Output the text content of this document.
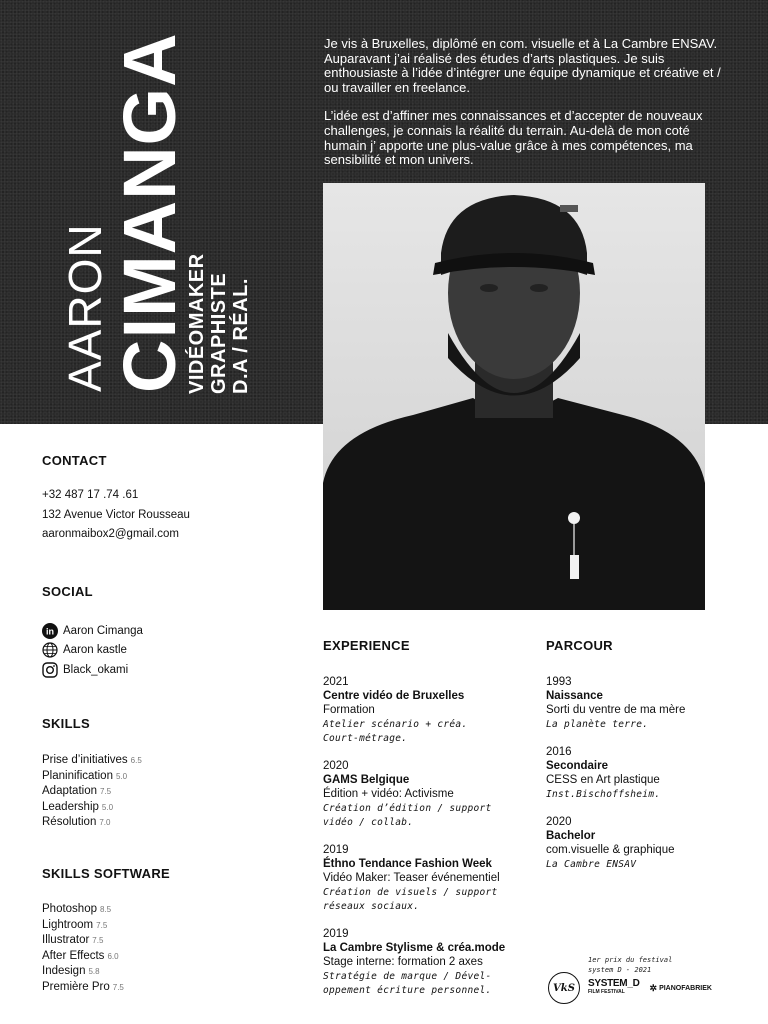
AARON
CIMANGA
VIDÉOMAKER GRAPHISTE D.A / RÉAL.

Je vis à Bruxelles, diplômé en com. visuelle et à La Cambre ENSAV. Auparavant j’ai réalisé des études d’arts plastiques. Je suis enthousiaste à l’idée d’intégrer une équipe dynamique et créative et / ou travailler en freelance.

L’idée est d’affiner mes connaissances et d’accepter de nouveaux challenges, je connais la réalité du terrain. Au-delà de mon coté humain j’ apporte une plus-value grâce à mes compétences, ma sensibilité et mon univers.

CONTACT
+32 487 17 .74 .61
132 Avenue Victor Rousseau
aaronmaibox2@gmail.com
SOCIAL
in Aaron Cimanga
Aaron kastle
Black_okami
SKILLS
Prise d’initiatives 6.5
Planinification 5.0
Adaptation 7.5
Leadership 5.0
Résolution 7.0
SKILLS SOFTWARE
Photoshop 8.5
Lightroom 7.5
Illustrator 7.5
After Effects 6.0
Indesign 5.8
Première Pro 7.5
EXPERIENCE
2021
Centre vidéo de Bruxelles
Formation
Atelier scénario + créa.
Court-métrage.
2020
GAMS Belgique
Édition + vidéo: Activisme
Création d’édition / support
vidéo / collab.
2019
Éthno Tendance Fashion Week
Vidéo Maker: Teaser événementiel
Création de visuels / support
réseaux sociaux.
2019
La Cambre Stylisme & créa.mode
Stage interne: formation 2 axes
Stratégie de marque / Dével-
oppement écriture personnel.
PARCOUR
1993
Naissance
Sorti du ventre de ma mère
La planète terre.
2016
Secondaire
CESS en Art plastique
Inst.Bischoffsheim.
2020
Bachelor
com.visuelle & graphique
La Cambre ENSAV
1er prix du festival
system D - 2021
VkS SYSTEM_D
FILM FESTIVAL	✲ PIANOFABRIEK
